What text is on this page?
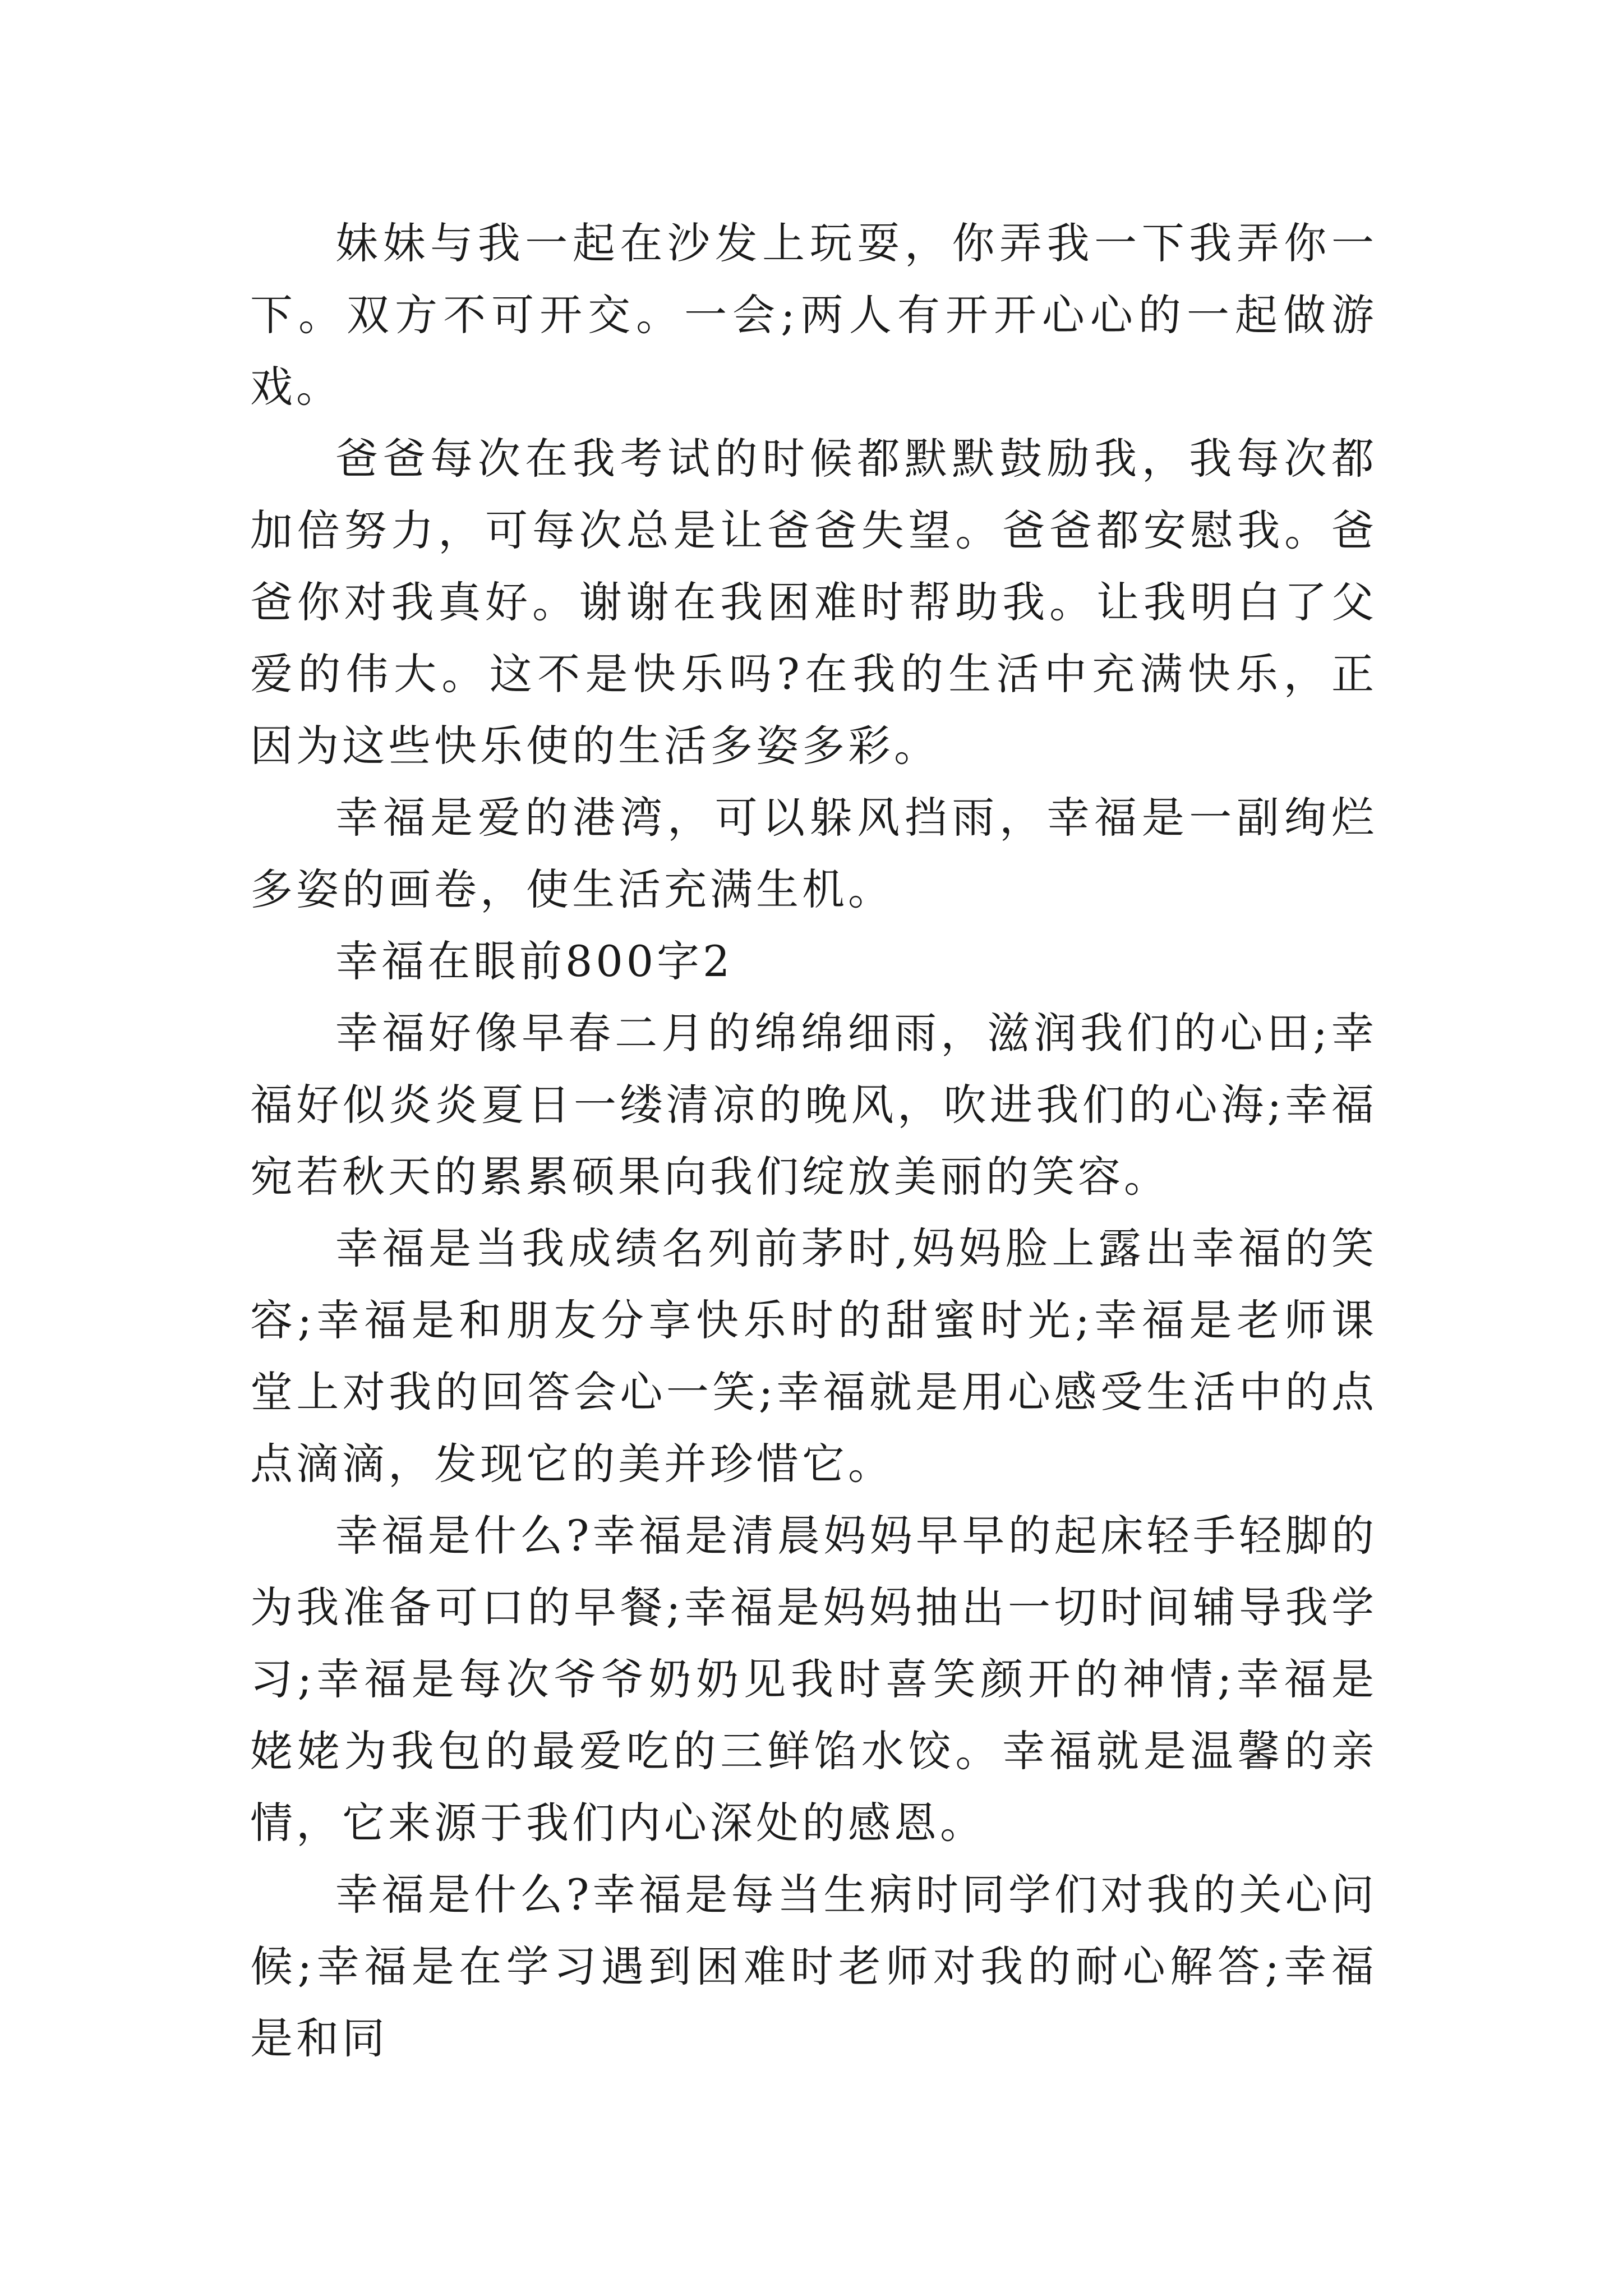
妹妹与我一起在沙发上玩耍，你弄我一下我弄你一下。双方不可开交。一会;两人有开开心心的一起做游戏。

爸爸每次在我考试的时候都默默鼓励我，我每次都加倍努力，可每次总是让爸爸失望。爸爸都安慰我。爸爸你对我真好。谢谢在我困难时帮助我。让我明白了父爱的伟大。这不是快乐吗?在我的生活中充满快乐，正因为这些快乐使的生活多姿多彩。

幸福是爱的港湾，可以躲风挡雨，幸福是一副绚烂多姿的画卷，使生活充满生机。

幸福在眼前800字2

幸福好像早春二月的绵绵细雨，滋润我们的心田;幸福好似炎炎夏日一缕清凉的晚风，吹进我们的心海;幸福宛若秋天的累累硕果向我们绽放美丽的笑容。

幸福是当我成绩名列前茅时,妈妈脸上露出幸福的笑容;幸福是和朋友分享快乐时的甜蜜时光;幸福是老师课堂上对我的回答会心一笑;幸福就是用心感受生活中的点点滴滴，发现它的美并珍惜它。

幸福是什么?幸福是清晨妈妈早早的起床轻手轻脚的为我准备可口的早餐;幸福是妈妈抽出一切时间辅导我学习;幸福是每次爷爷奶奶见我时喜笑颜开的神情;幸福是姥姥为我包的最爱吃的三鲜馅水饺。幸福就是温馨的亲情，它来源于我们内心深处的感恩。

幸福是什么?幸福是每当生病时同学们对我的关心问候;幸福是在学习遇到困难时老师对我的耐心解答;幸福是和同
